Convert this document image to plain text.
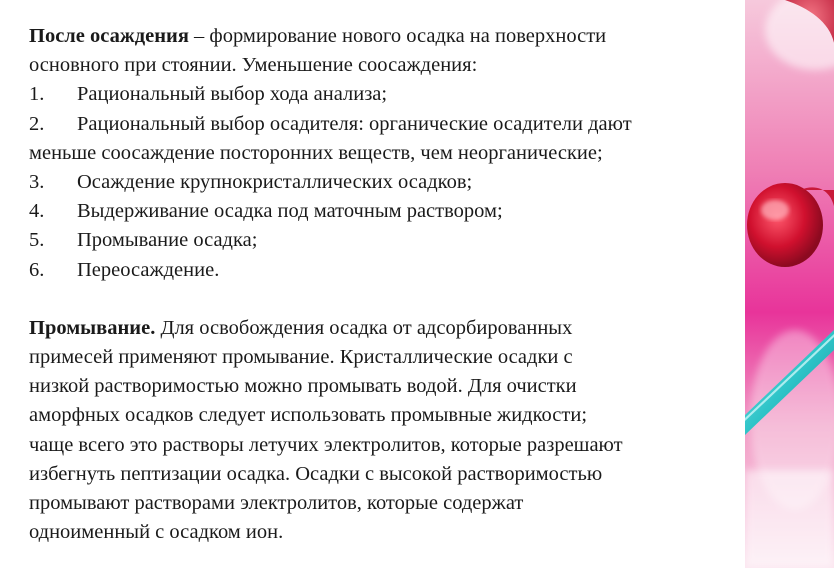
После осаждения – формирование нового осадка на поверхности
основного при стоянии. Уменьшение соосаждения:
1. Рациональный выбор хода анализа;
2. Рациональный выбор осадителя: органические осадители дают
меньше соосаждение посторонних веществ, чем неорганические;
3. Осаждение крупнокристаллических осадков;
4. Выдерживание осадка под маточным раствором;
5. Промывание осадка;
6. Переосаждение.
Промывание. Для освобождения осадка от адсорбированных
примесей применяют промывание. Кристаллические осадки с
низкой растворимостью можно промывать водой. Для очистки
аморфных осадков следует использовать промывные жидкости;
чаще всего это растворы летучих электролитов, которые разрешают
избегнуть пептизации осадка. Осадки с высокой растворимостью
промывают растворами электролитов, которые содержат
одноименный с осадком ион.
